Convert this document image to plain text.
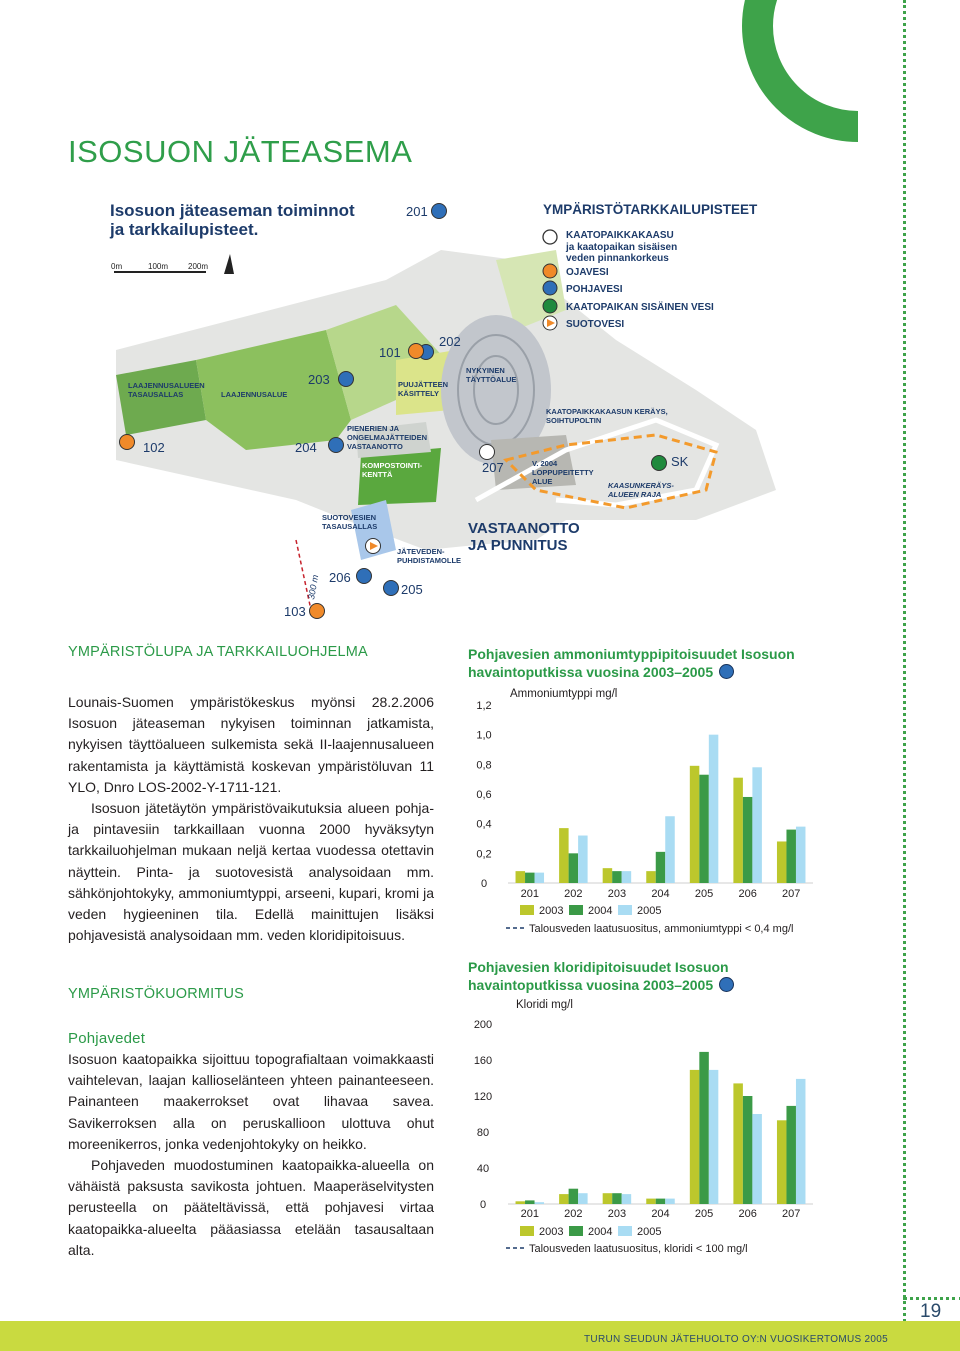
ISOSUON JÄTEASEMA
Isosuon jäteaseman toiminnot
ja tarkkailupisteet.
0m	100m 200m
YMPÄRISTÖTARKKAILUPISTEET
KAATOPAIKKAKAASU
ja kaatopaikan sisäisen
veden pinnankorkeus
OJAVESI
POHJAVESI
KAATOPAIKAN SISÄINEN VESI
SUOTOVESI
201
202
101
203
102	204
207	SK
206
205
103
LAAJENNUSALUEEN
TASAUSALLAS	LAAJENNUSALUE
PUUJÄTTEEN
KÄSITTELY
NYKYINEN
TÄYTTÖALUE
PIENERIEN JA
ONGELMAJÄTTEIDEN
VASTAANOTTO
KOMPOSTOINTI-
KENTTÄ
KAATOPAIKKAKAASUN KERÄYS,
SOIHTUPOLTIN
V. 2004
LOPPUPEITETTY
ALUE	KAASUNKERÄYS-
ALUEEN RAJA
SUOTOVESIEN
TASAUSALLAS
JÄTEVEDEN-
PUHDISTAMOLLE
VASTAANOTTO
JA PUNNITUS
300 m
YMPÄRISTÖLUPA JA TARKKAILUOHJELMA

Lounais-Suomen ympäristökeskus myönsi 28.2.2006 Isosuon jäteaseman nykyisen toiminnan jatkamista, nykyisen täyttöalueen sulkemista sekä II-laajennusalueen rakentamista ja käyttämistä koskevan ympäristöluvan 11 YLO, Dnro LOS-2002-Y-1711-121.

Isosuon jätetäytön ympäristövaikutuksia alueen pohja- ja pintavesiin tarkkaillaan vuonna 2000 hyväksytyn tarkkailuohjelman mukaan neljä kertaa vuodessa otettavin näyttein. Pinta- ja suotovesistä analysoidaan mm. sähkönjohtokyky, ammoniumtyppi, arseeni, kupari, kromi ja veden hygieeninen tila. Edellä mainittujen lisäksi pohjavesistä analysoidaan mm. veden kloridipitoisuus.

YMPÄRISTÖKUORMITUS
Pohjavedet

Isosuon kaatopaikka sijoittuu topografialtaan voimakkaasti vaihtelevan, laajan kallioselänteen yhteen painanteeseen. Painanteen maakerrokset ovat lihavaa savea. Savikerroksen alla on peruskallioon ulottuva ohut moreenikerros, jonka vedenjohtokyky on heikko.

Pohjaveden muodostuminen kaatopaikka-alueella on vähäistä paksusta savikosta johtuen. Maaperäselvitysten perusteella on pääteltävissä, että pohjavesi virtaa kaatopaikka-alueelta pääasiassa etelään tasausaltaan alta.

Pohjavesien ammoniumtyppipitoisuudet Isosuon havaintoputkissa vuosina 2003–2005
Ammoniumtyppi mg/l
0
0,2
0,4
0,6
0,8
1,0
1,2
201 202 203 204 205 206 207
2003 2004 2005
Talousveden laatusuositus, ammoniumtyppi < 0,4 mg/l
Pohjavesien kloridipitoisuudet Isosuon havaintoputkissa vuosina 2003–2005
Kloridi mg/l
0
40
80
120
160
200
201 202 203 204 205 206 207
2003 2004 2005
Talousveden laatusuositus, kloridi < 100 mg/l
19
TURUN SEUDUN JÄTEHUOLTO OY:N VUOSIKERTOMUS 2005
